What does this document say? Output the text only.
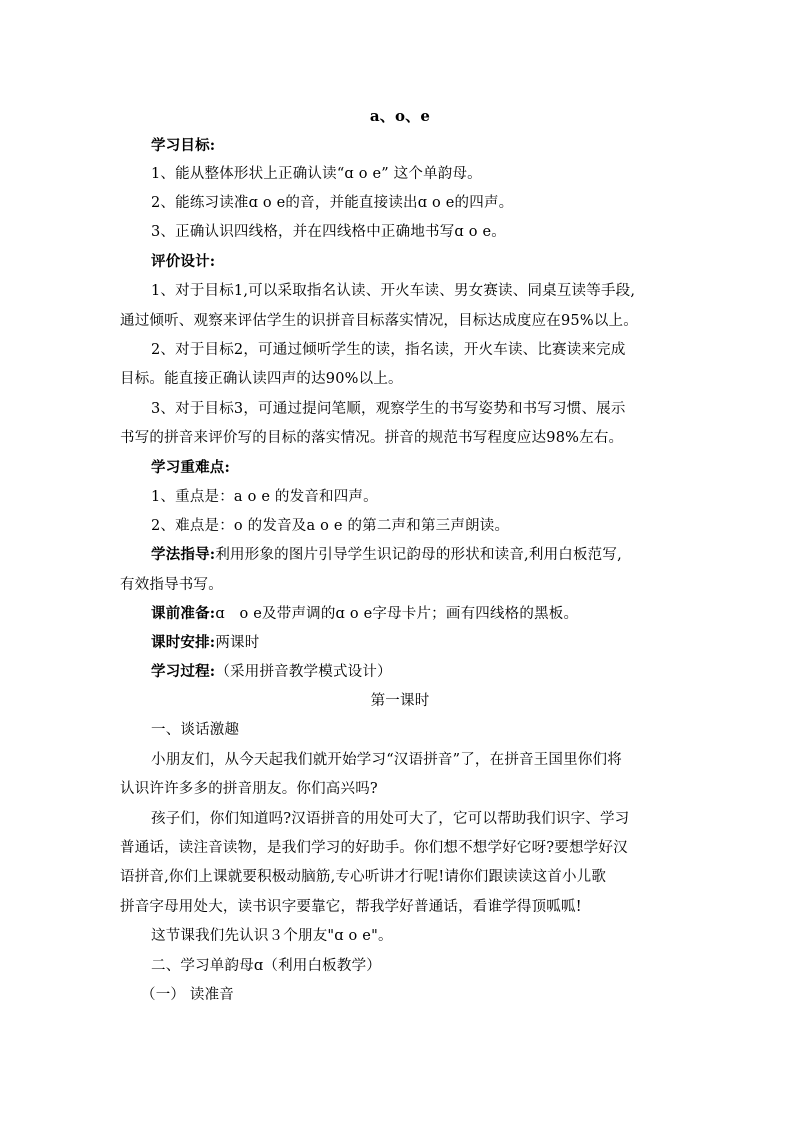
a、o、e
学习目标:
1、能从整体形状上正确认读“ɑ o e” 这个单韵母。
2、能练习读准ɑ o e的音，并能直接读出ɑ o e的四声。
3、正确认识四线格，并在四线格中正确地书写ɑ o e。
评价设计:
1、对于目标1,可以采取指名认读、开火车读、男女赛读、同桌互读等手段,
通过倾听、观察来评估学生的识拼音目标落实情况，目标达成度应在95%以上。
2、对于目标2，可通过倾听学生的读，指名读，开火车读、比赛读来完成
目标。能直接正确认读四声的达90%以上。
3、对于目标3，可通过提问笔顺，观察学生的书写姿势和书写习惯、展示
书写的拼音来评价写的目标的落实情况。拼音的规范书写程度应达98%左右。
学习重难点:
1、重点是：a o e 的发音和四声。
2、难点是：o 的发音及a o e 的第二声和第三声朗读。
学法指导:利用形象的图片引导学生识记韵母的形状和读音,利用白板范写,
有效指导书写。
课前准备:ɑ　o e及带声调的ɑ o e字母卡片；画有四线格的黑板。
课时安排:两课时
学习过程:（采用拼音教学模式设计）
第一课时
一、谈话激趣
小朋友们，从今天起我们就开始学习“汉语拼音”了，在拼音王国里你们将
认识许许多多的拼音朋友。你们高兴吗?
孩子们，你们知道吗?汉语拼音的用处可大了，它可以帮助我们识字、学习
普通话，读注音读物，是我们学习的好助手。你们想不想学好它呀?要想学好汉
语拼音,你们上课就要积极动脑筋,专心听讲才行呢!请你们跟读读这首小儿歌
拼音字母用处大，读书识字要靠它，帮我学好普通话，看谁学得顶呱呱!
这节课我们先认识３个朋友"ɑ o e"。
二、学习单韵母ɑ（利用白板教学）
（一） 读准音
